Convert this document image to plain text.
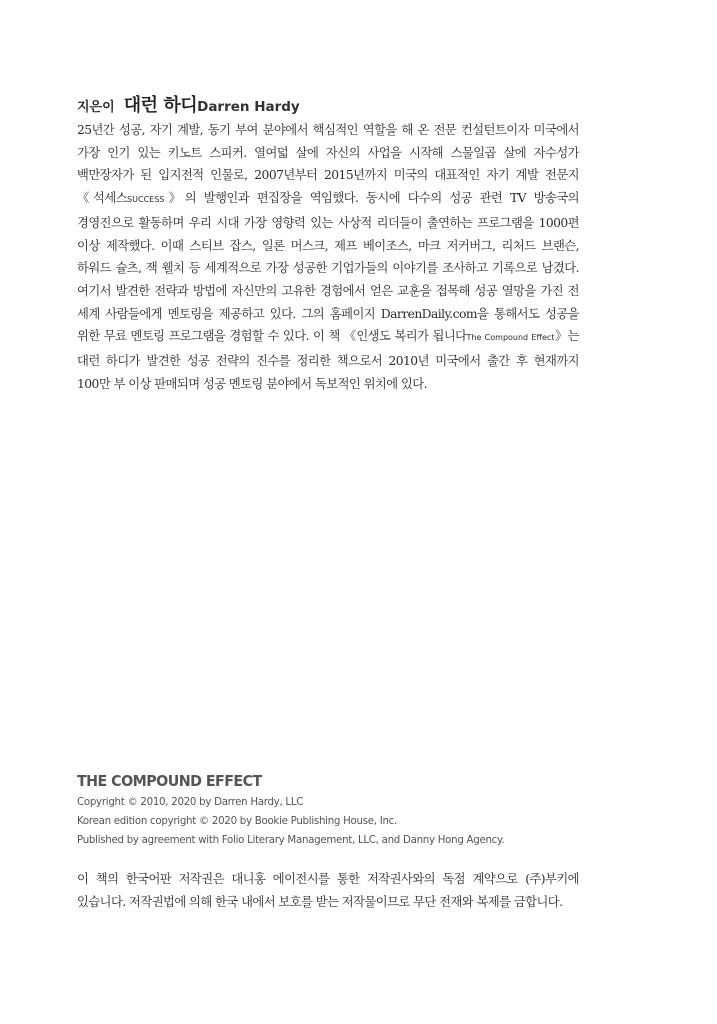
지은이 대런 하디Darren Hardy

25년간 성공, 자기 계발, 동기 부여 분야에서 핵심적인 역할을 해 온 전문 컨설턴트이자 미국에서 가장 인기 있는 키노트 스피커. 열여덟 살에 자신의 사업을 시작해 스물일곱 살에 자수성가 백만장자가 된 입지전적 인물로, 2007년부터 2015년까지 미국의 대표적인 자기 계발 전문지 《석세스SUCCESS》의 발행인과 편집장을 역임했다. 동시에 다수의 성공 관련 TV 방송국의 경영진으로 활동하며 우리 시대 가장 영향력 있는 사상적 리더들이 출연하는 프로그램을 1000편 이상 제작했다. 이때 스티브 잡스, 일론 머스크, 제프 베이조스, 마크 저커버그, 리처드 브랜슨, 하워드 슐츠, 잭 웰치 등 세계적으로 가장 성공한 기업가들의 이야기를 조사하고 기록으로 남겼다. 여기서 발견한 전략과 방법에 자신만의 고유한 경험에서 얻은 교훈을 접목해 성공 열망을 가진 전 세계 사람들에게 멘토링을 제공하고 있다. 그의 홈페이지 DarrenDaily.com을 통해서도 성공을 위한 무료 멘토링 프로그램을 경험할 수 있다. 이 책 《인생도 복리가 됩니다The Compound Effect》는 대런 하디가 발견한 성공 전략의 진수를 정리한 책으로서 2010년 미국에서 출간 후 현재까지 100만 부 이상 판매되며 성공 멘토링 분야에서 독보적인 위치에 있다.

THE COMPOUND EFFECT
Copyright © 2010, 2020 by Darren Hardy, LLC
Korean edition copyright © 2020 by Bookie Publishing House, Inc.
Published by agreement with Folio Literary Management, LLC, and Danny Hong Agency.

이 책의 한국어판 저작권은 대니홍 에이전시를 통한 저작권사와의 독점 계약으로 (주)부키에 있습니다. 저작권법에 의해 한국 내에서 보호를 받는 저작물이므로 무단 전재와 복제를 금합니다.
